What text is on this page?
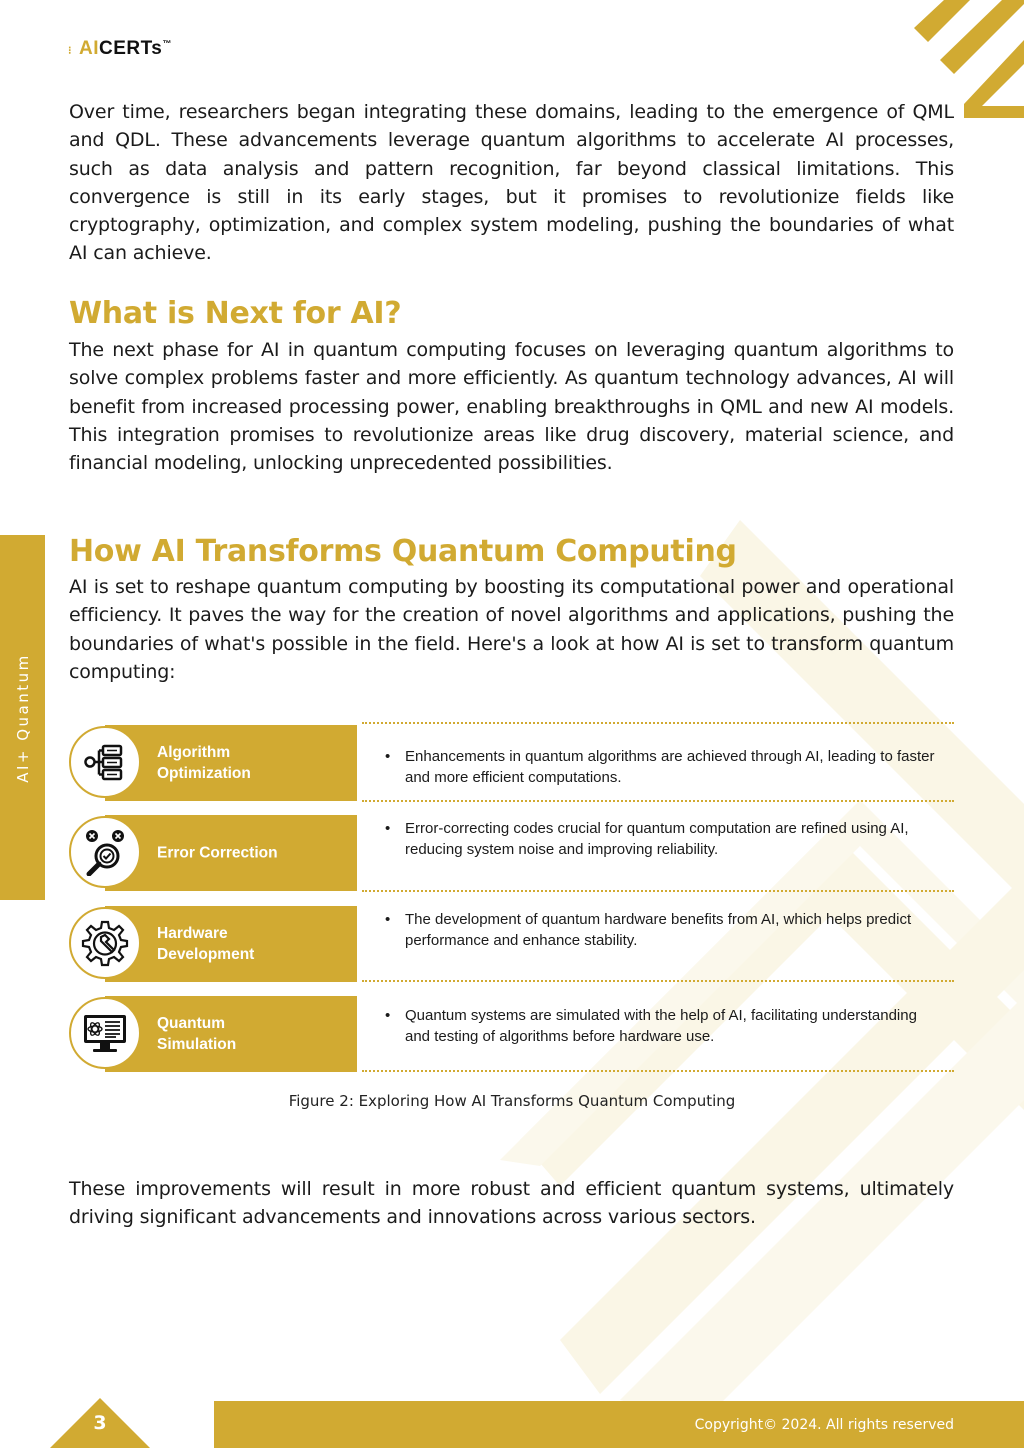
⁝ AICERTs™
AI+ Quantum

Over time, researchers began integrating these domains, leading to the emergence of QML and QDL. These advancements leverage quantum algorithms to accelerate AI processes, such as data analysis and pattern recognition, far beyond classical limitations. This convergence is still in its early stages, but it promises to revolutionize fields like cryptography, optimization, and complex system modeling, pushing the boundaries of what AI can achieve.

What is Next for AI?

The next phase for AI in quantum computing focuses on leveraging quantum algorithms to solve complex problems faster and more efficiently. As quantum technology advances, AI will benefit from increased processing power, enabling breakthroughs in QML and new AI models. This integration promises to revolutionize areas like drug discovery, material science, and financial modeling, unlocking unprecedented possibilities.

How AI Transforms Quantum Computing

AI is set to reshape quantum computing by boosting its computational power and operational efficiency. It paves the way for the creation of novel algorithms and applications, pushing the boundaries of what's possible in the field. Here's a look at how AI is set to transform quantum computing:

Algorithm
Optimization
• Enhancements in quantum algorithms are achieved through AI, leading to faster and more efficient computations.
Error Correction
• Error-correcting codes crucial for quantum computation are refined using AI, reducing system noise and improving reliability.
Hardware
Development
• The development of quantum hardware benefits from AI, which helps predict performance and enhance stability.
Quantum
Simulation
• Quantum systems are simulated with the help of AI, facilitating understanding and testing of algorithms before hardware use.
Figure 2: Exploring How AI Transforms Quantum Computing

These improvements will result in more robust and efficient quantum systems, ultimately driving significant advancements and innovations across various sectors.

3	Copyright© 2024. All rights reserved
